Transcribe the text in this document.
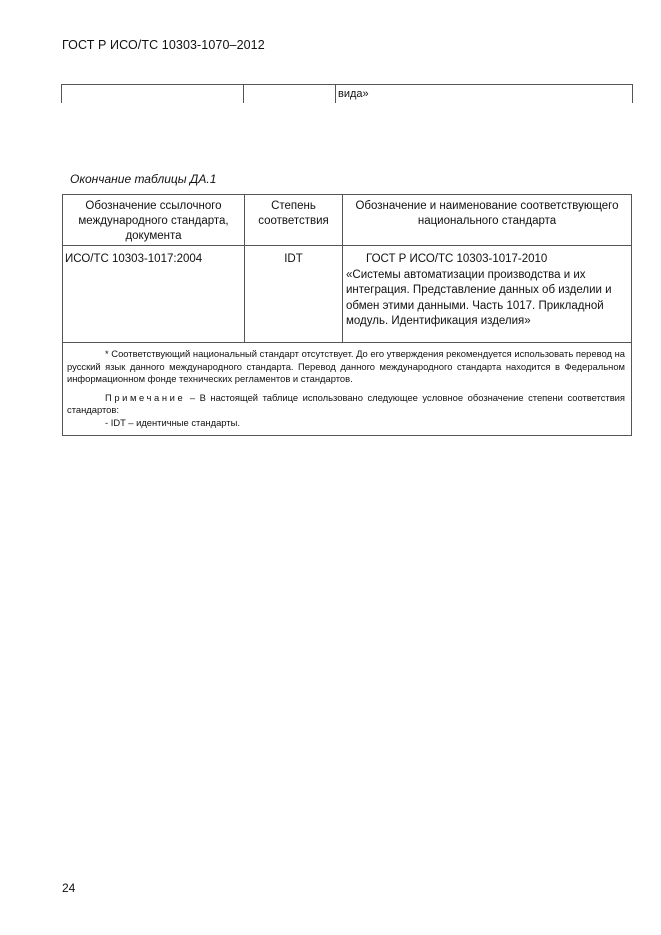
ГОСТ Р ИСО/ТС 10303-1070–2012
вида»
Окончание таблицы ДА.1
Обозначение ссылочного международного стандарта, документа	Степень соответствия	Обозначение и наименование соответствующего национального стандарта
ИСО/ТС 10303-1017:2004	IDT	ГОСТ Р ИСО/ТС 10303-1017-2010
«Системы автоматизации производства и их интеграция. Представление данных об изделии и обмен этими данными. Часть 1017. Прикладной модуль. Идентификация изделия»

* Соответствующий национальный стандарт отсутствует. До его утверждения рекомендуется использовать перевод на русский язык данного международного стандарта. Перевод данного международного стандарта находится в Федеральном информационном фонде технических регламентов и стандартов.

Примечание – В настоящей таблице использовано следующее условное обозначение степени соответствия стандартов:

- IDT – идентичные стандарты.		

24
